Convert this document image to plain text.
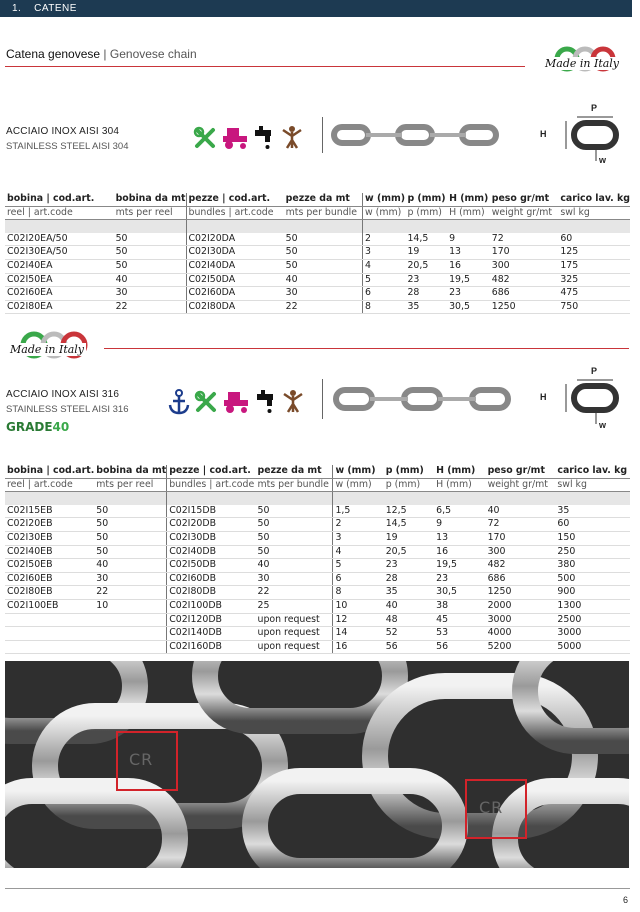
1. CATENE
Catena genovese | Genovese chain
Made in Italy
ACCIAIO INOX AISI 304
STAINLESS STEEL AISI 304
P
H
w
bobina | cod.art.	bobina da mt	pezze | cod.art.	pezze da mt	w (mm)	p (mm)	H (mm)	peso gr/mt	carico lav. kg
reel | art.code	mts per reel	bundles | art.code	mts per bundle	w (mm)	p (mm)	H (mm)	weight gr/mt	swl kg

C02I20EA/50	50	C02I20DA	50	2	14,5	9	72	60
C02I30EA/50	50	C02I30DA	50	3	19	13	170	125
C02I40EA	50	C02I40DA	50	4	20,5	16	300	175
C02I50EA	40	C02I50DA	40	5	23	19,5	482	325
C02I60EA	30	C02I60DA	30	6	28	23	686	475
C02I80EA	22	C02I80DA	22	8	35	30,5	1250	750
Made in Italy
ACCIAIO INOX AISI 316
STAINLESS STEEL AISI 316
GRADE40
P
H
w
bobina | cod.art.	bobina da mt	pezze | cod.art.	pezze da mt	w (mm)	p (mm)	H (mm)	peso gr/mt	carico lav. kg
reel | art.code	mts per reel	bundles | art.code	mts per bundle	w (mm)	p (mm)	H (mm)	weight gr/mt	swl kg

C02I15EB	50	C02I15DB	50	1,5	12,5	6,5	40	35
C02I20EB	50	C02I20DB	50	2	14,5	9	72	60
C02I30EB	50	C02I30DB	50	3	19	13	170	150
C02I40EB	50	C02I40DB	50	4	20,5	16	300	250
C02I50EB	40	C02I50DB	40	5	23	19,5	482	380
C02I60EB	30	C02I60DB	30	6	28	23	686	500
C02I80EB	22	C02I80DB	22	8	35	30,5	1250	900
C02I100EB	10	C02I100DB	25	10	40	38	2000	1300
		C02I120DB	upon request	12	48	45	3000	2500
		C02I140DB	upon request	14	52	53	4000	3000
		C02I160DB	upon request	16	56	56	5200	5000
CR
CR
6
